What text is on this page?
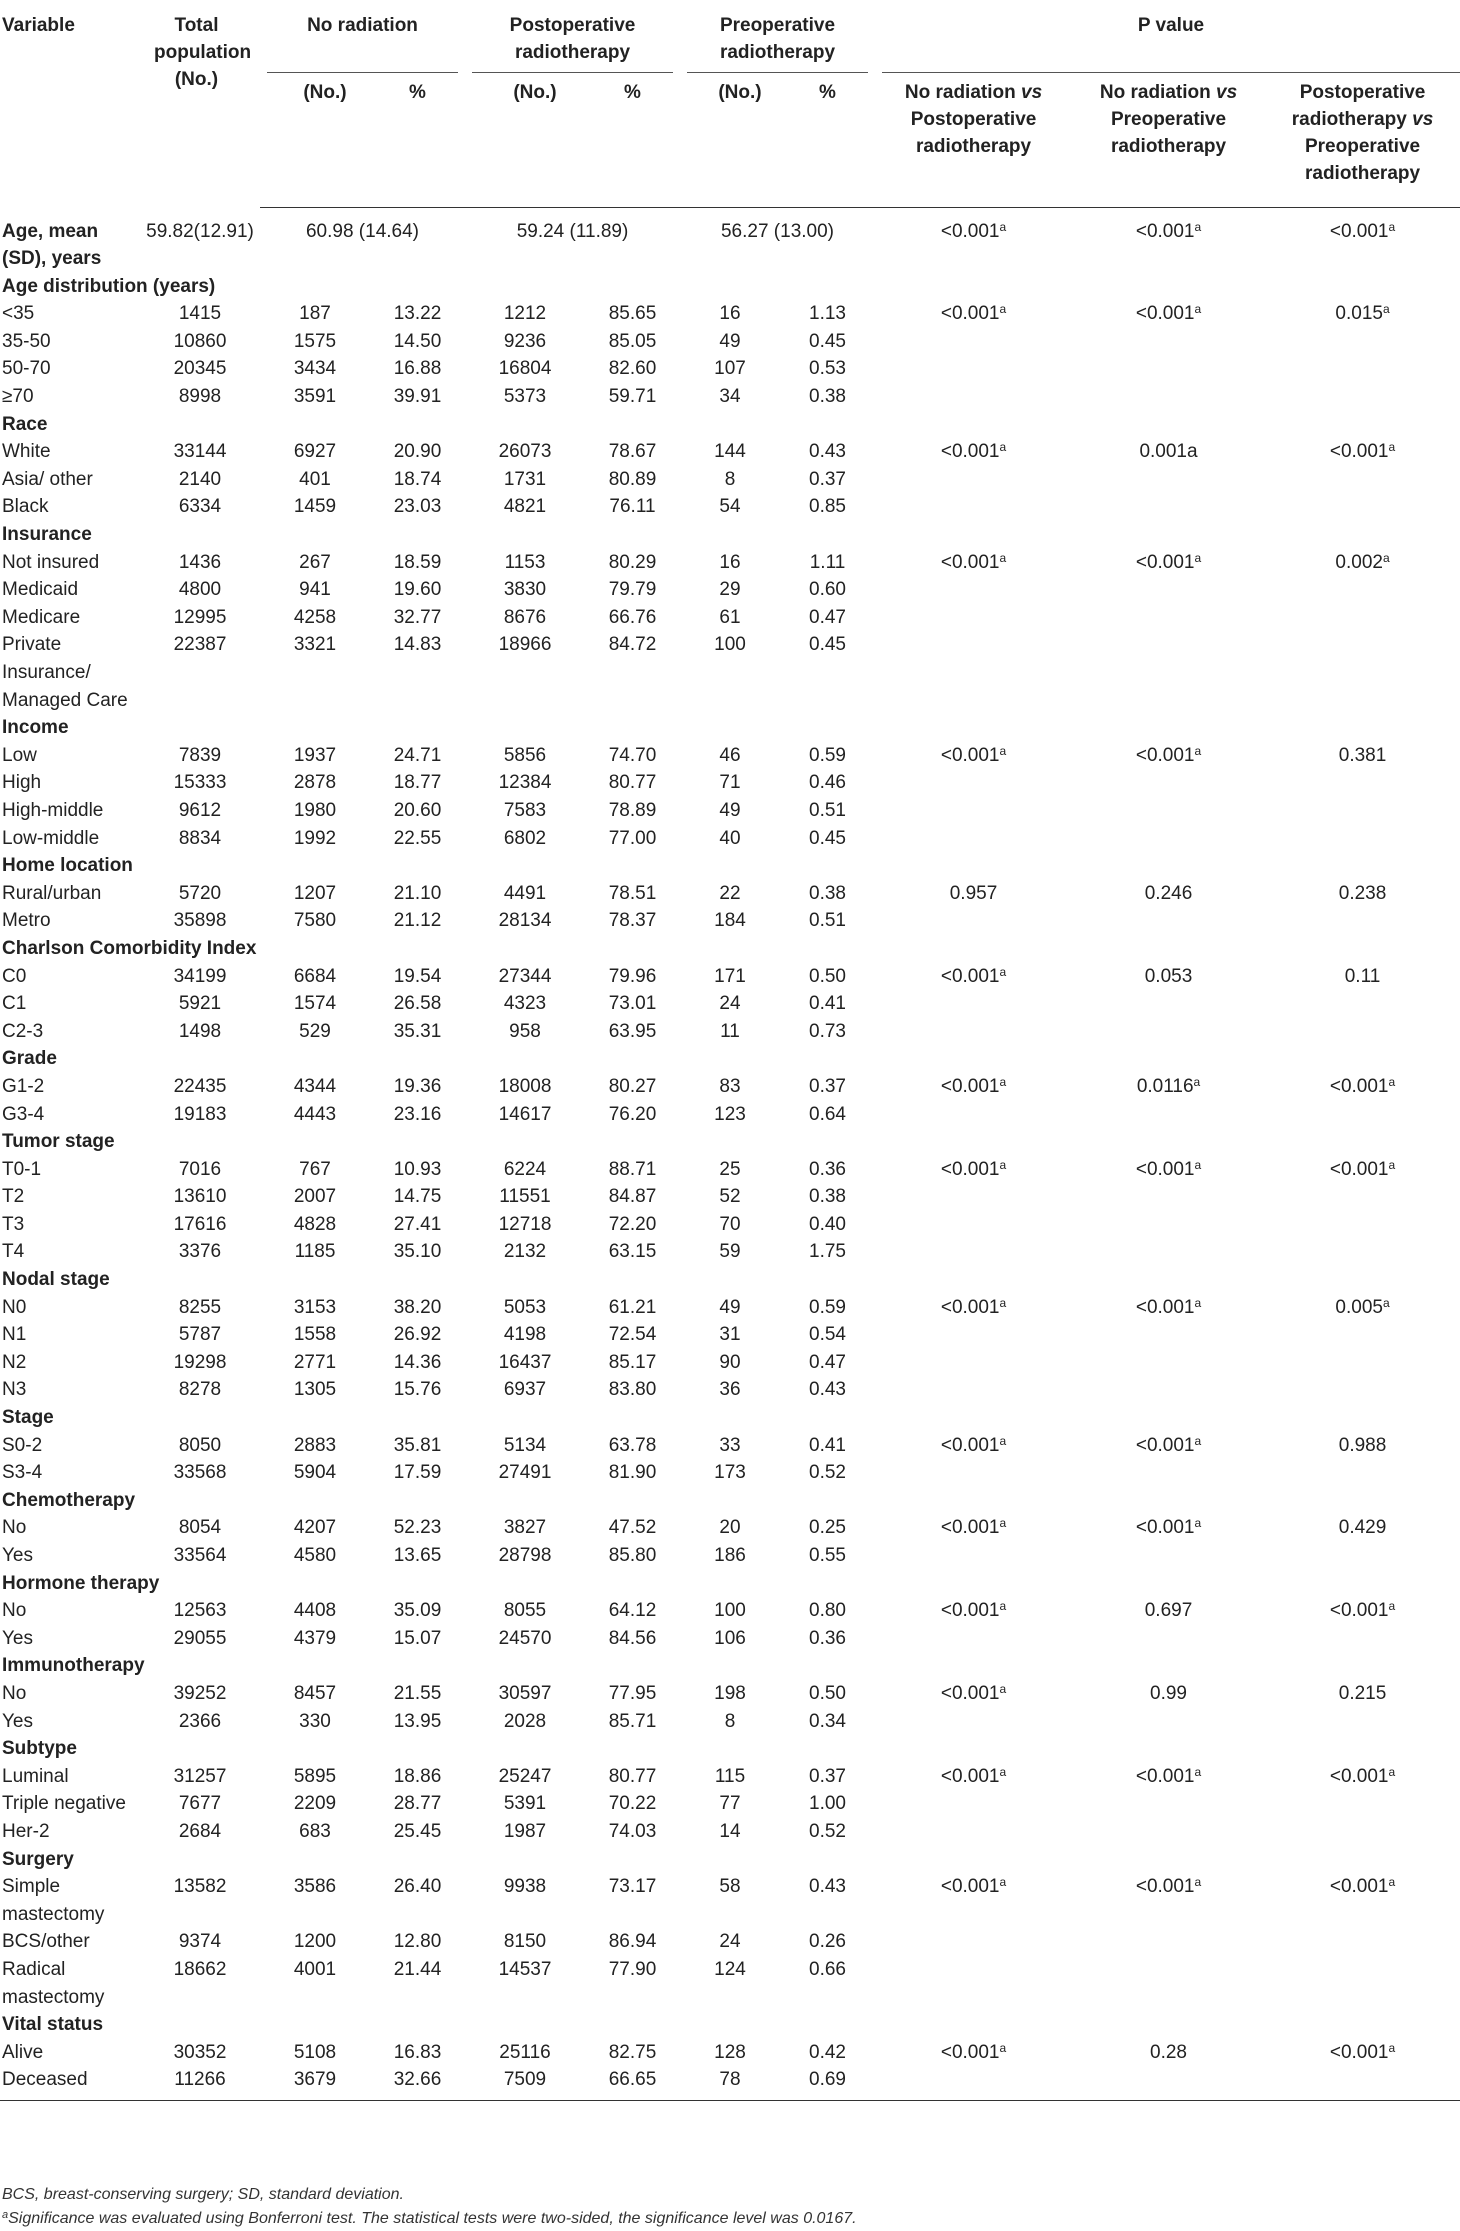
Variable	Total population (No.)	No radiation		Postoperative radiotherapy		Preoperative radiotherapy		P value		
		(No.)	%	(No.)	%	(No.)	%	No radiation vs Postoperative radiotherapy	No radiation vs Preoperative radiotherapy	Postoperative radiotherapy vs Preoperative radiotherapy
Age, mean (SD), years	59.82(12.91)	60.98 (14.64)		59.24 (11.89)		56.27 (13.00)		<0.001$^a$	<0.001$^a$	<0.001$^a$
Age distribution (years)										
<35	1415	187	13.22	1212	85.65	16	1.13	<0.001$^a$	<0.001$^a$	0.015$^a$
35-50	10860	1575	14.50	9236	85.05	49	0.45			
50-70	20345	3434	16.88	16804	82.60	107	0.53			
≥70	8998	3591	39.91	5373	59.71	34	0.38			
Race										
White	33144	6927	20.90	26073	78.67	144	0.43	<0.001$^a$	0.001a	<0.001$^a$
Asia/ other	2140	401	18.74	1731	80.89	8	0.37			
Black	6334	1459	23.03	4821	76.11	54	0.85			
Insurance										
Not insured	1436	267	18.59	1153	80.29	16	1.11	<0.001$^a$	<0.001$^a$	0.002$^a$
Medicaid	4800	941	19.60	3830	79.79	29	0.60			
Medicare	12995	4258	32.77	8676	66.76	61	0.47			
Private Insurance/ Managed Care	22387	3321	14.83	18966	84.72	100	0.45			
Income										
Low	7839	1937	24.71	5856	74.70	46	0.59	<0.001$^a$	<0.001$^a$	0.381
High	15333	2878	18.77	12384	80.77	71	0.46			
High-middle	9612	1980	20.60	7583	78.89	49	0.51			
Low-middle	8834	1992	22.55	6802	77.00	40	0.45			
Home location										
Rural/urban	5720	1207	21.10	4491	78.51	22	0.38	0.957	0.246	0.238
Metro	35898	7580	21.12	28134	78.37	184	0.51			
Charlson Comorbidity Index										
C0	34199	6684	19.54	27344	79.96	171	0.50	<0.001$^a$	0.053	0.11
C1	5921	1574	26.58	4323	73.01	24	0.41			
C2-3	1498	529	35.31	958	63.95	11	0.73			
Grade										
G1-2	22435	4344	19.36	18008	80.27	83	0.37	<0.001$^a$	0.0116$^a$	<0.001$^a$
G3-4	19183	4443	23.16	14617	76.20	123	0.64			
Tumor stage										
T0-1	7016	767	10.93	6224	88.71	25	0.36	<0.001$^a$	<0.001$^a$	<0.001$^a$
T2	13610	2007	14.75	11551	84.87	52	0.38			
T3	17616	4828	27.41	12718	72.20	70	0.40			
T4	3376	1185	35.10	2132	63.15	59	1.75			
Nodal stage										
N0	8255	3153	38.20	5053	61.21	49	0.59	<0.001$^a$	<0.001$^a$	0.005$^a$
N1	5787	1558	26.92	4198	72.54	31	0.54			
N2	19298	2771	14.36	16437	85.17	90	0.47			
N3	8278	1305	15.76	6937	83.80	36	0.43			
Stage										
S0-2	8050	2883	35.81	5134	63.78	33	0.41	<0.001$^a$	<0.001$^a$	0.988
S3-4	33568	5904	17.59	27491	81.90	173	0.52			
Chemotherapy										
No	8054	4207	52.23	3827	47.52	20	0.25	<0.001$^a$	<0.001$^a$	0.429
Yes	33564	4580	13.65	28798	85.80	186	0.55			
Hormone therapy										
No	12563	4408	35.09	8055	64.12	100	0.80	<0.001$^a$	0.697	<0.001$^a$
Yes	29055	4379	15.07	24570	84.56	106	0.36			
Immunotherapy										
No	39252	8457	21.55	30597	77.95	198	0.50	<0.001$^a$	0.99	0.215
Yes	2366	330	13.95	2028	85.71	8	0.34			
Subtype										
Luminal	31257	5895	18.86	25247	80.77	115	0.37	<0.001$^a$	<0.001$^a$	<0.001$^a$
Triple negative	7677	2209	28.77	5391	70.22	77	1.00			
Her-2	2684	683	25.45	1987	74.03	14	0.52			
Surgery										
Simple mastectomy	13582	3586	26.40	9938	73.17	58	0.43	<0.001$^a$	<0.001$^a$	<0.001$^a$
BCS/other	9374	1200	12.80	8150	86.94	24	0.26			
Radical mastectomy	18662	4001	21.44	14537	77.90	124	0.66			
Vital status										
Alive	30352	5108	16.83	25116	82.75	128	0.42	<0.001$^a$	0.28	<0.001$^a$
Deceased	11266	3679	32.66	7509	66.65	78	0.69			
BCS, breast-conserving surgery; SD, standard deviation.
$^a$Significance was evaluated using Bonferroni test. The statistical tests were two-sided, the significance level was 0.0167.
